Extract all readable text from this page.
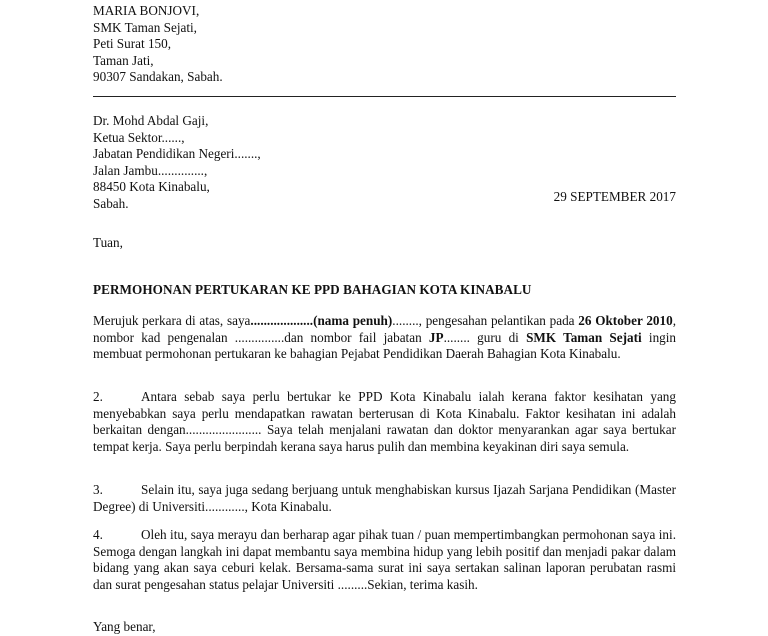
MARIA BONJOVI,
SMK Taman Sejati,
Peti Surat 150,
Taman Jati,
90307 Sandakan, Sabah.
Dr. Mohd Abdal Gaji,
Ketua Sektor......,
Jabatan Pendidikan Negeri.......,
Jalan Jambu..............,
88450 Kota Kinabalu,
Sabah.	29 SEPTEMBER 2017
Tuan,
PERMOHONAN PERTUKARAN KE PPD BAHAGIAN KOTA KINABALU

Merujuk perkara di atas, saya...................(nama penuh)........, pengesahan pelantikan pada 26 Oktober 2010, nombor kad pengenalan ...............dan nombor fail jabatan JP........ guru di SMK Taman Sejati ingin membuat permohonan pertukaran ke bahagian Pejabat Pendidikan Daerah Bahagian Kota Kinabalu.

2.	Antara sebab saya perlu bertukar ke PPD Kota Kinabalu ialah kerana faktor kesihatan yang menyebabkan saya perlu mendapatkan rawatan berterusan di Kota Kinabalu. Faktor kesihatan ini adalah berkaitan dengan....................... Saya telah menjalani rawatan dan doktor menyarankan agar saya bertukar tempat kerja. Saya perlu berpindah kerana saya harus pulih dan membina keyakinan diri saya semula.

3.	Selain itu, saya juga sedang berjuang untuk menghabiskan kursus Ijazah Sarjana Pendidikan (Master Degree) di Universiti............, Kota Kinabalu.

4.	Oleh itu, saya merayu dan berharap agar pihak tuan / puan mempertimbangkan permohonan saya ini. Semoga dengan langkah ini dapat membantu saya membina hidup yang lebih positif dan menjadi pakar dalam bidang yang akan saya ceburi kelak. Bersama-sama surat ini saya sertakan salinan laporan perubatan rasmi dan surat pengesahan status pelajar Universiti .........Sekian, terima kasih.

Yang benar,
